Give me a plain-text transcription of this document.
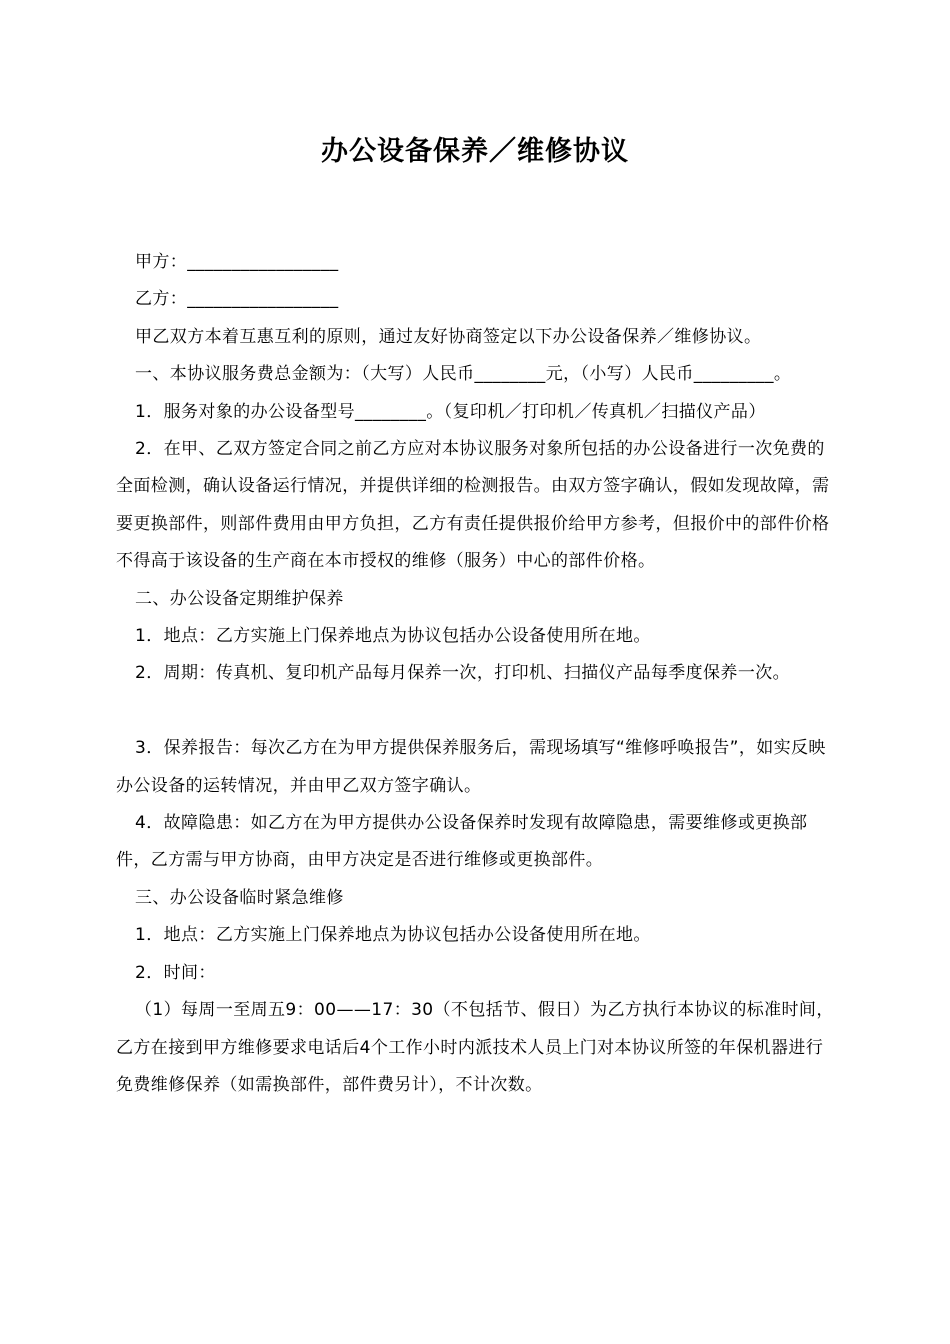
办公设备保养／维修协议

甲方：_________________

乙方：_________________

甲乙双方本着互惠互利的原则，通过友好协商签定以下办公设备保养／维修协议。

一、本协议服务费总金额为：（大写）人民币________元，（小写）人民币_________。

1．服务对象的办公设备型号________。（复印机／打印机／传真机／扫描仪产品）

2．在甲、乙双方签定合同之前乙方应对本协议服务对象所包括的办公设备进行一次免费的全面检测，确认设备运行情况，并提供详细的检测报告。由双方签字确认，假如发现故障，需要更换部件，则部件费用由甲方负担，乙方有责任提供报价给甲方参考，但报价中的部件价格不得高于该设备的生产商在本市授权的维修（服务）中心的部件价格。

二、办公设备定期维护保养

1．地点：乙方实施上门保养地点为协议包括办公设备使用所在地。

2．周期：传真机、复印机产品每月保养一次，打印机、扫描仪产品每季度保养一次。

3．保养报告：每次乙方在为甲方提供保养服务后，需现场填写“维修呼唤报告”，如实反映办公设备的运转情况，并由甲乙双方签字确认。

4．故障隐患：如乙方在为甲方提供办公设备保养时发现有故障隐患，需要维修或更换部件，乙方需与甲方协商，由甲方决定是否进行维修或更换部件。

三、办公设备临时紧急维修

1．地点：乙方实施上门保养地点为协议包括办公设备使用所在地。

2．时间：

（1）每周一至周五9：00——17：30（不包括节、假日）为乙方执行本协议的标准时间，乙方在接到甲方维修要求电话后4个工作小时内派技术人员上门对本协议所签的年保机器进行免费维修保养（如需换部件，部件费另计），不计次数。
